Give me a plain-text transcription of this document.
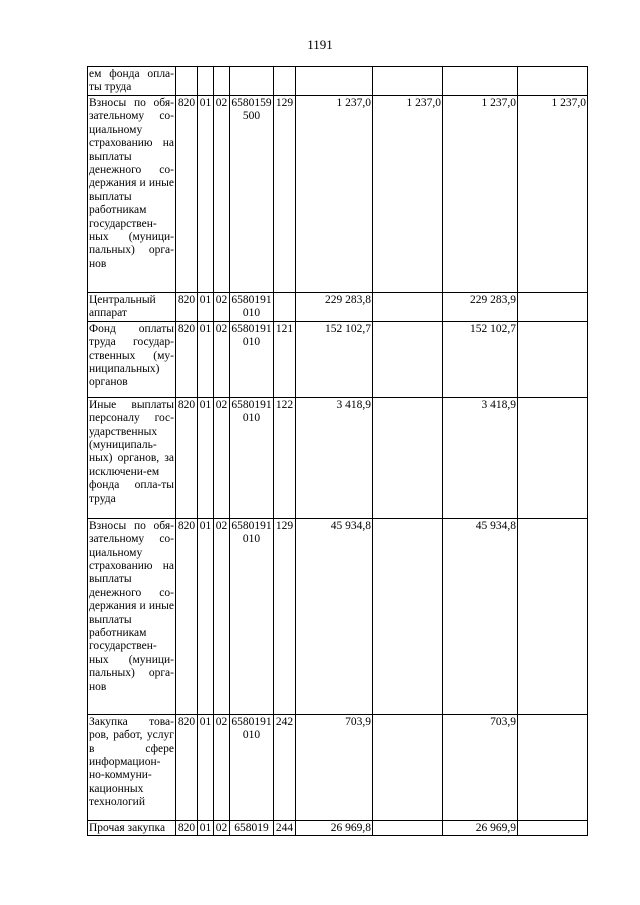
1191
ем фонда опла-ты труда									
Взносы по обя-зательному со-циальному страхованию на выплаты денежного со-держания и иные выплаты работникам государствен-ных (муници-пальных) орга-нов	820	01	02	6580159500	129	1 237,0	1 237,0	1 237,0	1 237,0
Центральный аппарат	820	01	02	6580191010		229 283,8		229 283,9	
Фонд оплаты труда государ-ственных (му-ниципальных) органов	820	01	02	6580191010	121	152 102,7		152 102,7	
Иные выплаты персоналу гос-ударственных (муниципаль-ных) органов, за исключени-ем фонда опла-ты труда	820	01	02	6580191010	122	3 418,9		3 418,9	
Взносы по обя-зательному со-циальному страхованию на выплаты денежного со-держания и иные выплаты работникам государствен-ных (муници-пальных) орга-нов	820	01	02	6580191010	129	45 934,8		45 934,8	
Закупка това-ров, работ, услуг в сфере информацион-но-коммуни-кационных технологий	820	01	02	6580191010	242	703,9		703,9	
Прочая закупка	820	01	02	658019	244	26 969,8		26 969,9	
